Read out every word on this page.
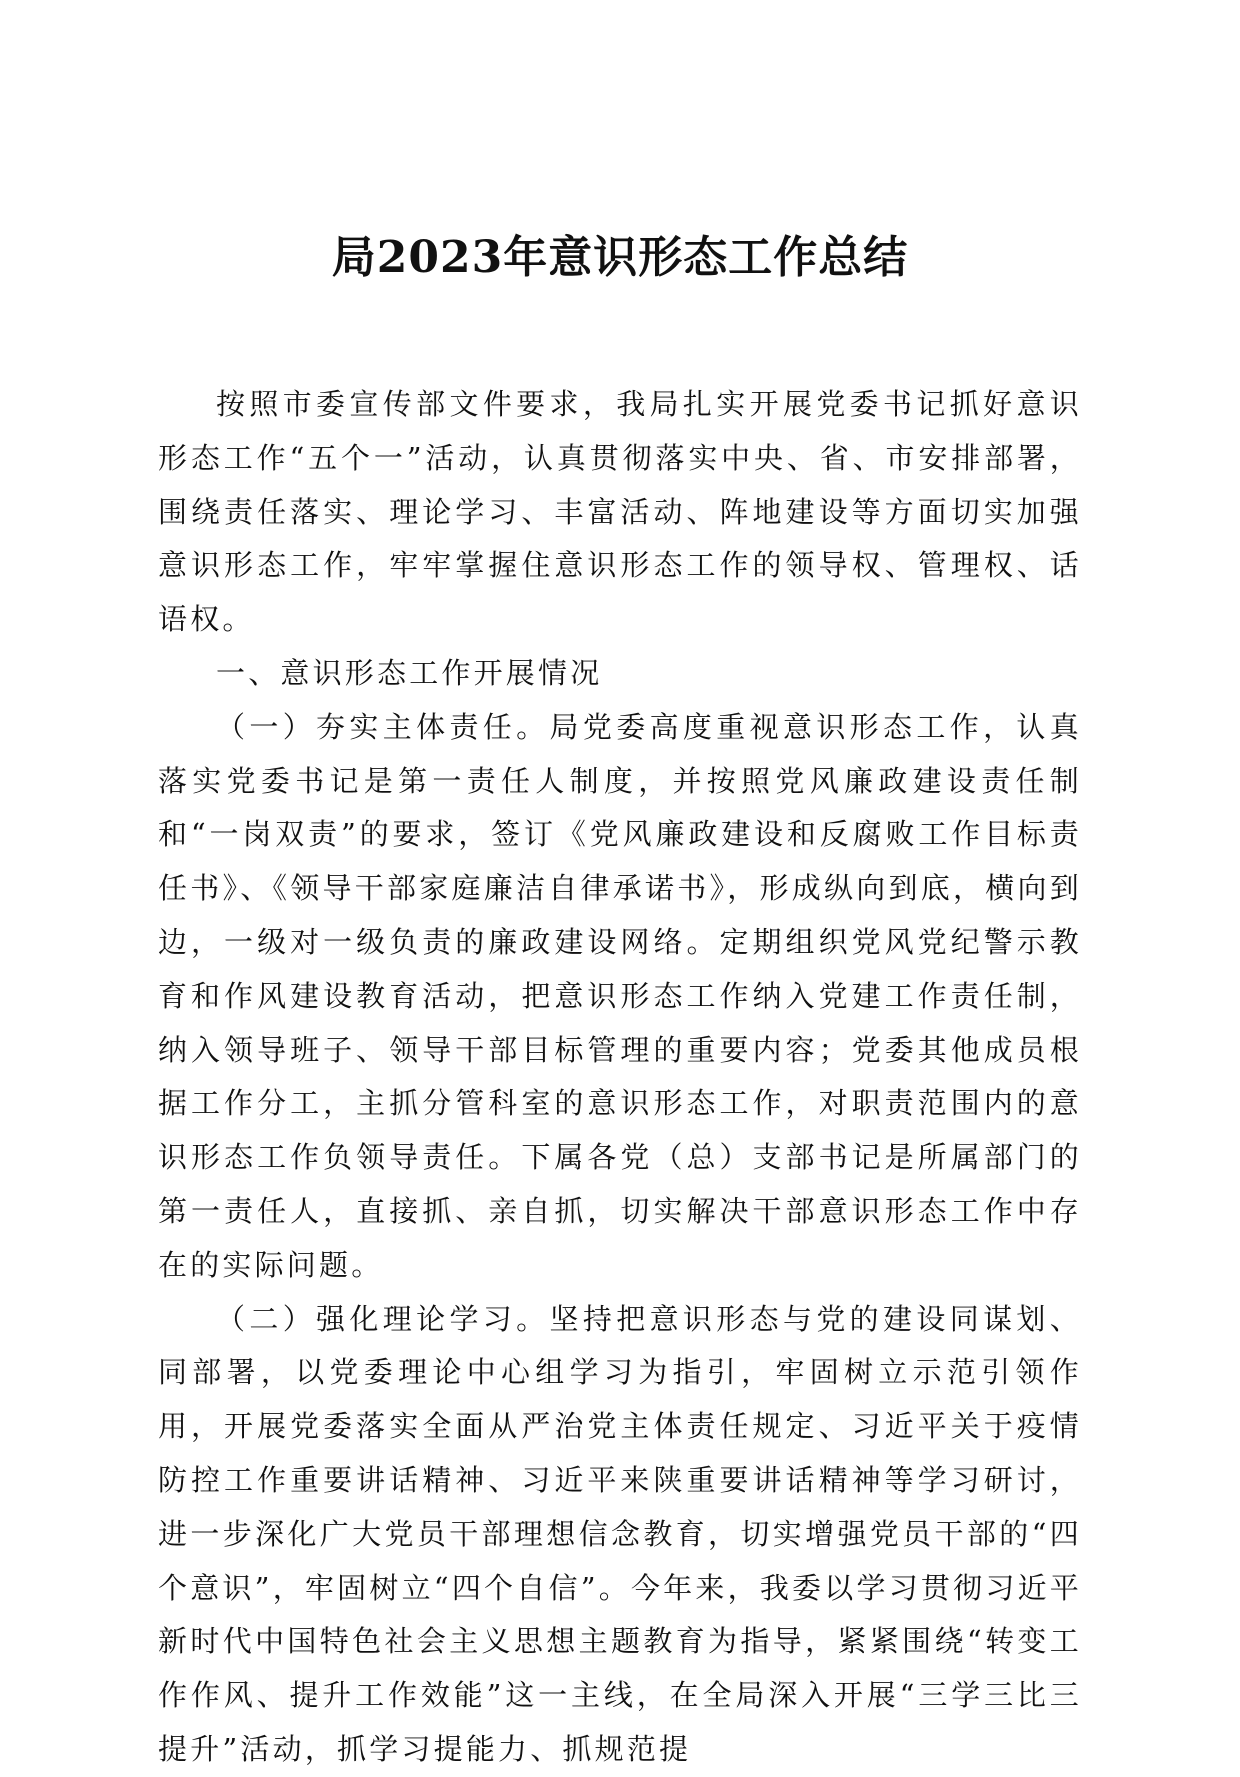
局2023年意识形态工作总结

按照市委宣传部文件要求，我局扎实开展党委书记抓好意识形态工作“五个一”活动，认真贯彻落实中央、省、市安排部署，围绕责任落实、理论学习、丰富活动、阵地建设等方面切实加强意识形态工作，牢牢掌握住意识形态工作的领导权、管理权、话语权。

一、意识形态工作开展情况

（一）夯实主体责任。局党委高度重视意识形态工作，认真落实党委书记是第一责任人制度，并按照党风廉政建设责任制和“一岗双责”的要求，签订《党风廉政建设和反腐败工作目标责任书》、《领导干部家庭廉洁自律承诺书》，形成纵向到底，横向到边，一级对一级负责的廉政建设网络。定期组织党风党纪警示教育和作风建设教育活动，把意识形态工作纳入党建工作责任制，纳入领导班子、领导干部目标管理的重要内容；党委其他成员根据工作分工，主抓分管科室的意识形态工作，对职责范围内的意识形态工作负领导责任。下属各党（总）支部书记是所属部门的第一责任人，直接抓、亲自抓，切实解决干部意识形态工作中存在的实际问题。

（二）强化理论学习。坚持把意识形态与党的建设同谋划、同部署，以党委理论中心组学习为指引，牢固树立示范引领作用，开展党委落实全面从严治党主体责任规定、习近平关于疫情防控工作重要讲话精神、习近平来陕重要讲话精神等学习研讨，进一步深化广大党员干部理想信念教育，切实增强党员干部的“四个意识”，牢固树立“四个自信”。今年来，我委以学习贯彻习近平新时代中国特色社会主义思想主题教育为指导，紧紧围绕“转变工作作风、提升工作效能”这一主线，在全局深入开展“三学三比三提升”活动，抓学习提能力、抓规范提
